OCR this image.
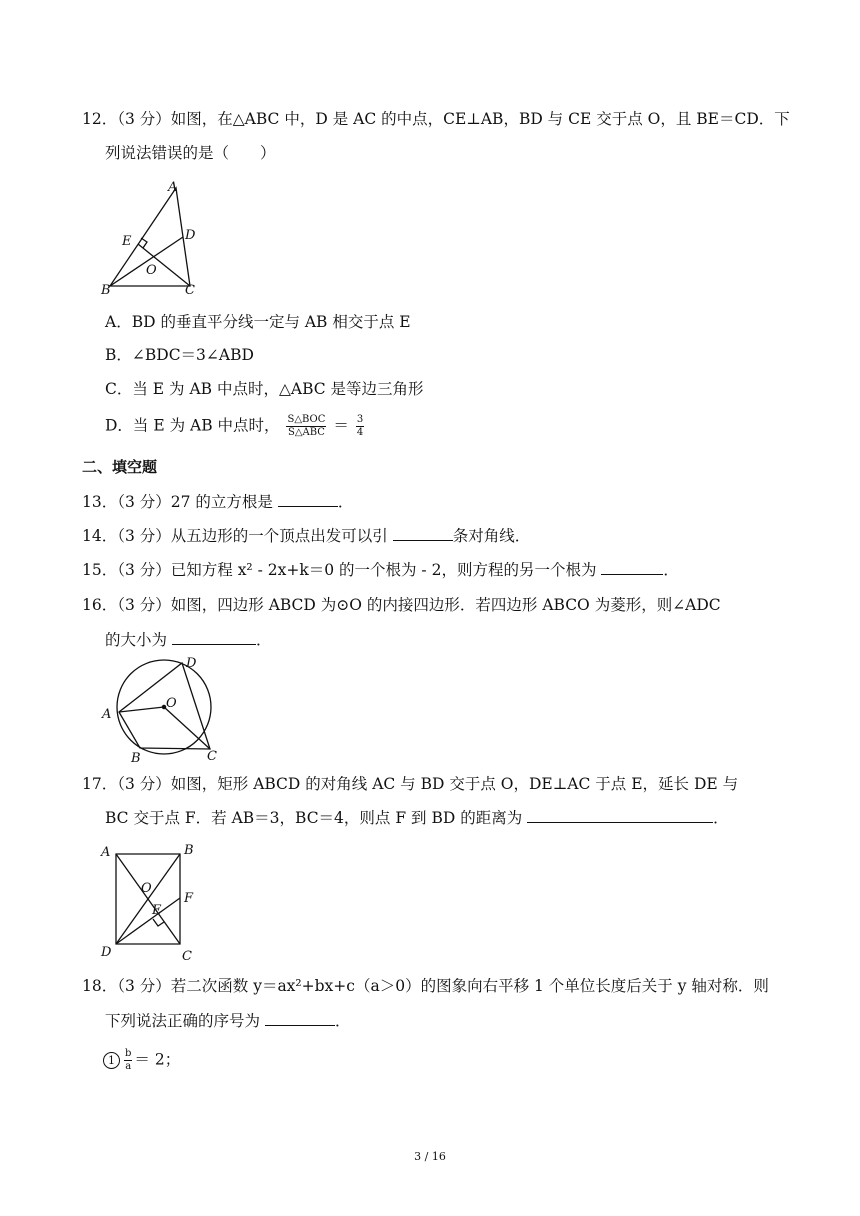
12．（3 分）如图，在△ABC 中，D 是 AC 的中点，CE⊥AB，BD 与 CE 交于点 O，且 BE＝CD．下
列说法错误的是（　　）
A
E	D
O
B	C
A．BD 的垂直平分线一定与 AB 相交于点 E
B．∠BDC＝3∠ABD
C．当 E 为 AB 中点时，△ABC 是等边三角形
D．当 E 为 AB 中点时， $\frac{\text{S△BOC}}{\text{S△ABC}} = \frac{3}{4}$
二、填空题
13．（3 分）27 的立方根是	．
14．（3 分）从五边形的一个顶点出发可以引	条对角线．
15．（3 分）已知方程 x² ‑ 2x+k＝0 的一个根为 ‑ 2，则方程的另一个根为	．
16．（3 分）如图，四边形 ABCD 为⊙O 的内接四边形．若四边形 ABCO 为菱形，则∠ADC
的大小为	．
D
A
O
B	C
17．（3 分）如图，矩形 ABCD 的对角线 AC 与 BD 交于点 O，DE⊥AC 于点 E，延长 DE 与
BC 交于点 F．若 AB＝3，BC＝4，则点 F 到 BD 的距离为	．
A	B
O
E
F
D	C
18．（3 分）若二次函数 y＝ax²+bx+c（a＞0）的图象向右平移 1 个单位长度后关于 y 轴对称．则
下列说法正确的序号为	．
$1 \frac{b}{a} = 2$；
3 / 16
